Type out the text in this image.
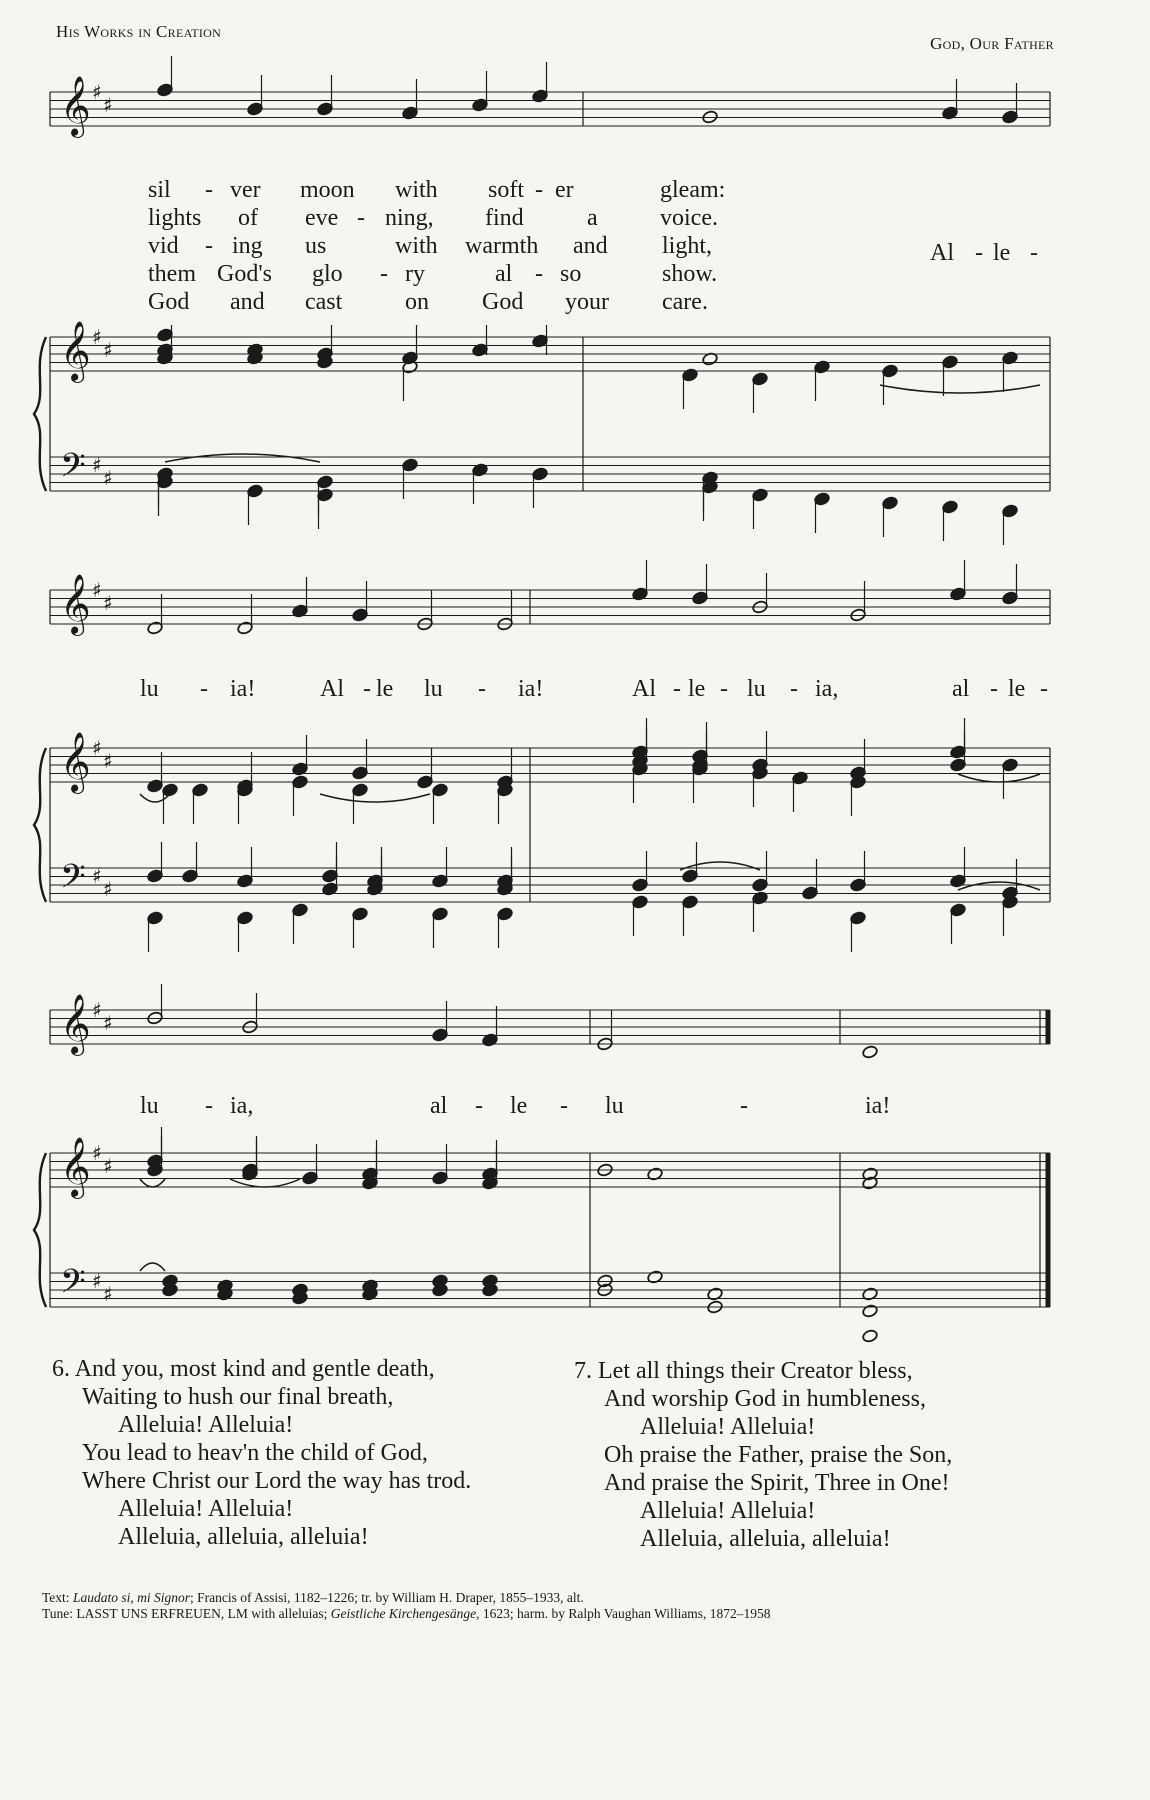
His Works in Creation
God, Our Father
𝄞 ♯
♯
𝄞 ♯
♯
𝄢 ♯
♯
𝄞 ♯
♯
𝄞 ♯
♯
𝄢 ♯
♯
𝄞 ♯
♯
𝄞 ♯
♯
𝄢 ♯
♯
sil - ver moon with soft - er	gleam:
lights of eve - ning, find	a	voice.
vid - ing us	with warmth and light,
them God's glo - ry	al - so	show.
God and cast	on God your care.
Al - le -
lu - ia!	Al - le lu - ia!	Al - le - lu - ia,	al - le -
lu - ia,	al - le - lu	-	ia!
6. And you, most kind and gentle death,
Waiting to hush our final breath,
Alleluia! Alleluia!
You lead to heav'n the child of God,
Where Christ our Lord the way has trod.
Alleluia! Alleluia!
Alleluia, alleluia, alleluia!
7. Let all things their Creator bless,
And worship God in humbleness,
Alleluia! Alleluia!
Oh praise the Father, praise the Son,
And praise the Spirit, Three in One!
Alleluia! Alleluia!
Alleluia, alleluia, alleluia!
Text: Laudato si, mi Signor; Francis of Assisi, 1182–1226; tr. by William H. Draper, 1855–1933, alt.
Tune: LASST UNS ERFREUEN, LM with alleluias; Geistliche Kirchengesänge, 1623; harm. by Ralph Vaughan Williams, 1872–1958
